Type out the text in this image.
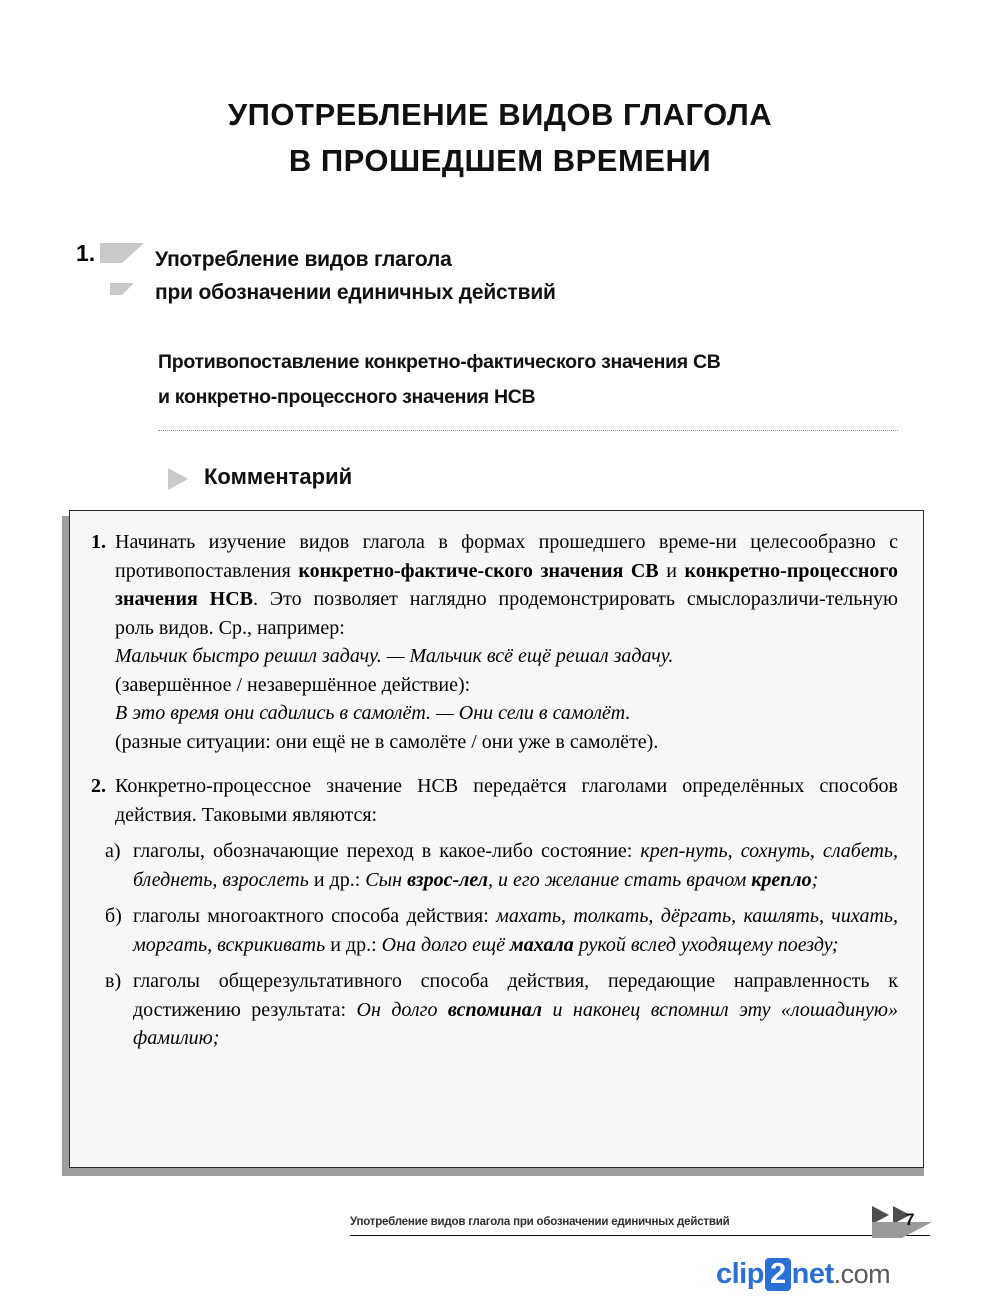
УПОТРЕБЛЕНИЕ ВИДОВ ГЛАГОЛА
В ПРОШЕДШЕМ ВРЕМЕНИ
1.	Употребление видов глагола
при обозначении единичных действий
Противопоставление конкретно-фактического значения СВ
и конкретно-процессного значения НСВ
Комментарий
1. Начинать изучение видов глагола в формах прошедшего време-ни целесообразно с противопоставления конкретно-фактиче-ского значения СВ и конкретно-процессного значения НСВ. Это позволяет наглядно продемонстрировать смыслоразличи-тельную роль видов. Ср., например:
Мальчик быстро решил задачу. — Мальчик всё ещё решал задачу.
(завершённое / незавершённое действие):
В это время они садились в самолёт. — Они сели в самолёт.
(разные ситуации: они ещё не в самолёте / они уже в самолёте).
2. Конкретно-процессное значение НСВ передаётся глаголами определённых способов действия. Таковыми являются:
а) глаголы, обозначающие переход в какое-либо состояние: креп-нуть, сохнуть, слабеть, бледнеть, взрослеть и др.: Сын взрос-лел, и его желание стать врачом крепло;
б) глаголы многоактного способа действия: махать, толкать, дёргать, кашлять, чихать, моргать, вскрикивать и др.: Она долго ещё махала рукой вслед уходящему поезду;
в) глаголы общерезультативного способа действия, передающие направленность к достижению результата: Он долго вспоминал и наконец вспомнил эту «лошадиную» фамилию;
Употребление видов глагола при обозначении единичных действий	7
clip 2 net.com
